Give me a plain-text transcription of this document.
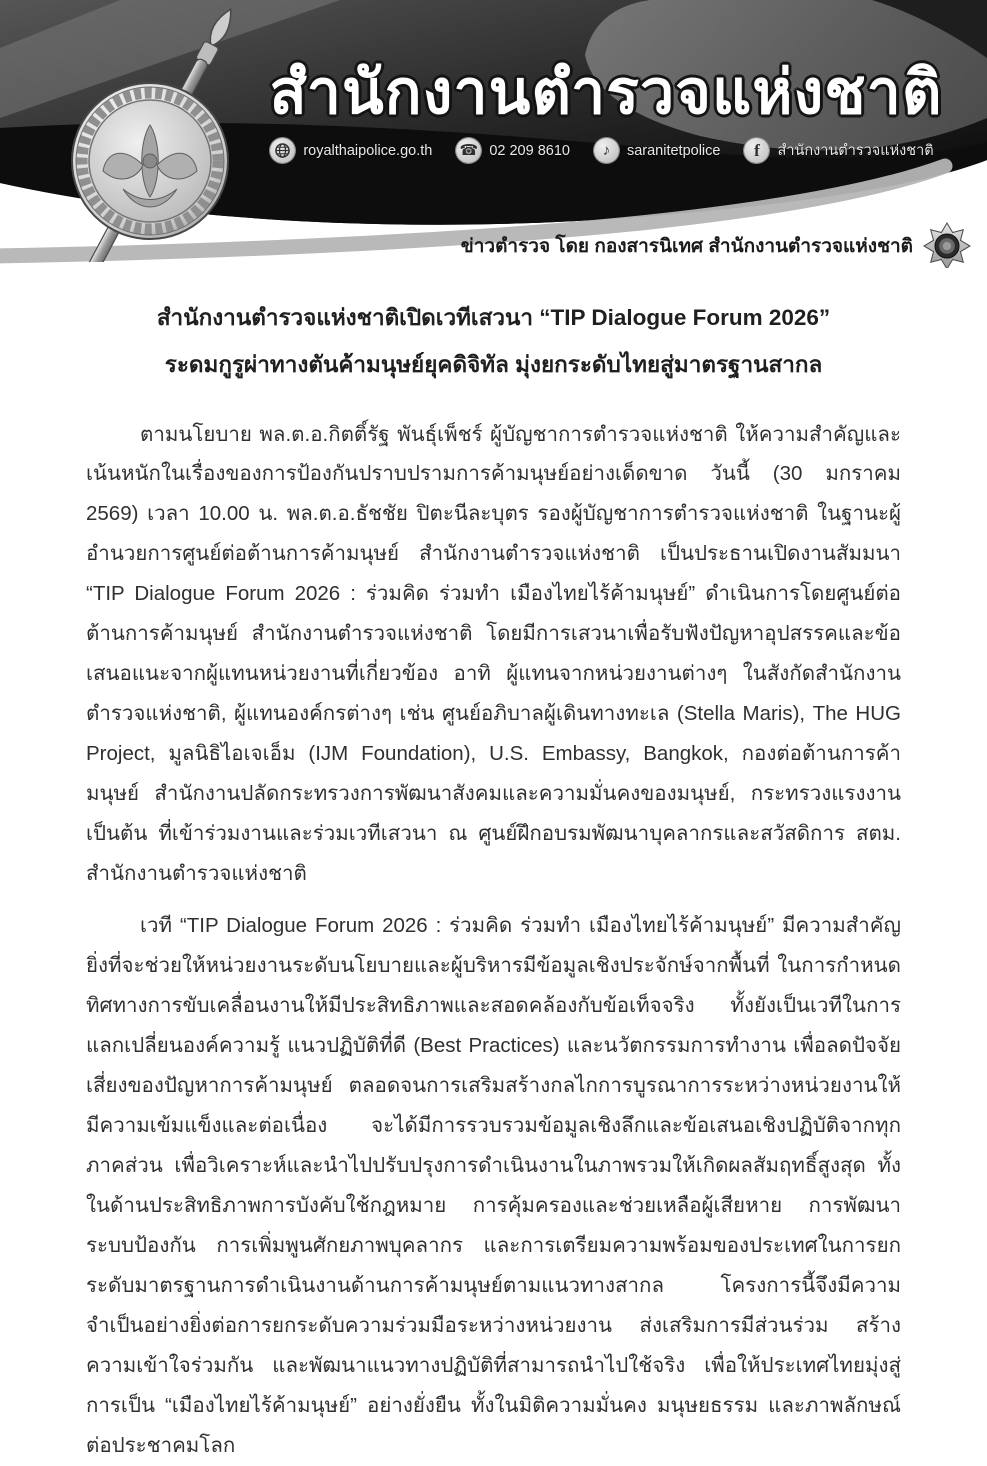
สำนักงานตำรวจแห่งชาติ
royalthaipolice.go.th ☎ 02 209 8610 ♪ saranitetpolice f สำนักงานตำรวจแห่งชาติ
ข่าวตำรวจ โดย กองสารนิเทศ สำนักงานตำรวจแห่งชาติ
สำนักงานตำรวจแห่งชาติเปิดเวทีเสวนา “TIP Dialogue Forum 2026”
ระดมกูรูผ่าทางตันค้ามนุษย์ยุคดิจิทัล มุ่งยกระดับไทยสู่มาตรฐานสากล

ตามนโยบาย พล.ต.อ.กิตติ์รัฐ พันธุ์เพ็ชร์ ผู้บัญชาการตำรวจแห่งชาติ ให้ความสำคัญและเน้นหนักในเรื่องของการป้องกันปราบปรามการค้ามนุษย์อย่างเด็ดขาด วันนี้ (30 มกราคม 2569) เวลา 10.00 น. พล.ต.อ.ธัชชัย ปิตะนีละบุตร รองผู้บัญชาการตำรวจแห่งชาติ ในฐานะผู้อำนวยการศูนย์ต่อต้านการค้ามนุษย์ สำนักงานตำรวจแห่งชาติ เป็นประธานเปิดงานสัมมนา “TIP Dialogue Forum 2026 : ร่วมคิด ร่วมทำ เมืองไทยไร้ค้ามนุษย์” ดำเนินการโดยศูนย์ต่อต้านการค้ามนุษย์ สำนักงานตำรวจแห่งชาติ โดยมีการเสวนาเพื่อรับฟังปัญหาอุปสรรคและข้อเสนอแนะจากผู้แทนหน่วยงานที่เกี่ยวข้อง อาทิ ผู้แทนจากหน่วยงานต่างๆ ในสังกัดสำนักงานตำรวจแห่งชาติ, ผู้แทนองค์กรต่างๆ เช่น ศูนย์อภิบาลผู้เดินทางทะเล (Stella Maris), The HUG Project, มูลนิธิไอเจเอ็ม (IJM Foundation), U.S. Embassy, Bangkok, กองต่อต้านการค้ามนุษย์ สำนักงานปลัดกระทรวงการพัฒนาสังคมและความมั่นคงของมนุษย์, กระทรวงแรงงาน เป็นต้น ที่เข้าร่วมงานและร่วมเวทีเสวนา ณ ศูนย์ฝึกอบรมพัฒนาบุคลากรและสวัสดิการ สตม. สำนักงานตำรวจแห่งชาติ

เวที “TIP Dialogue Forum 2026 : ร่วมคิด ร่วมทำ เมืองไทยไร้ค้ามนุษย์” มีความสำคัญยิ่งที่จะช่วยให้หน่วยงานระดับนโยบายและผู้บริหารมีข้อมูลเชิงประจักษ์จากพื้นที่ ในการกำหนดทิศทางการขับเคลื่อนงานให้มีประสิทธิภาพและสอดคล้องกับข้อเท็จจริง ทั้งยังเป็นเวทีในการแลกเปลี่ยนองค์ความรู้ แนวปฏิบัติที่ดี (Best Practices) และนวัตกรรมการทำงาน เพื่อลดปัจจัยเสี่ยงของปัญหาการค้ามนุษย์ ตลอดจนการเสริมสร้างกลไกการบูรณาการระหว่างหน่วยงานให้มีความเข้มแข็งและต่อเนื่อง จะได้มีการรวบรวมข้อมูลเชิงลึกและข้อเสนอเชิงปฏิบัติจากทุกภาคส่วน เพื่อวิเคราะห์และนำไปปรับปรุงการดำเนินงานในภาพรวมให้เกิดผลสัมฤทธิ์สูงสุด ทั้งในด้านประสิทธิภาพการบังคับใช้กฎหมาย การคุ้มครองและช่วยเหลือผู้เสียหาย การพัฒนาระบบป้องกัน การเพิ่มพูนศักยภาพบุคลากร และการเตรียมความพร้อมของประเทศในการยกระดับมาตรฐานการดำเนินงานด้านการค้ามนุษย์ตามแนวทางสากล โครงการนี้จึงมีความจำเป็นอย่างยิ่งต่อการยกระดับความร่วมมือระหว่างหน่วยงาน ส่งเสริมการมีส่วนร่วม สร้างความเข้าใจร่วมกัน และพัฒนาแนวทางปฏิบัติที่สามารถนำไปใช้จริง เพื่อให้ประเทศไทยมุ่งสู่การเป็น “เมืองไทยไร้ค้ามนุษย์” อย่างยั่งยืน ทั้งในมิติความมั่นคง มนุษยธรรม และภาพลักษณ์ต่อประชาคมโลก
